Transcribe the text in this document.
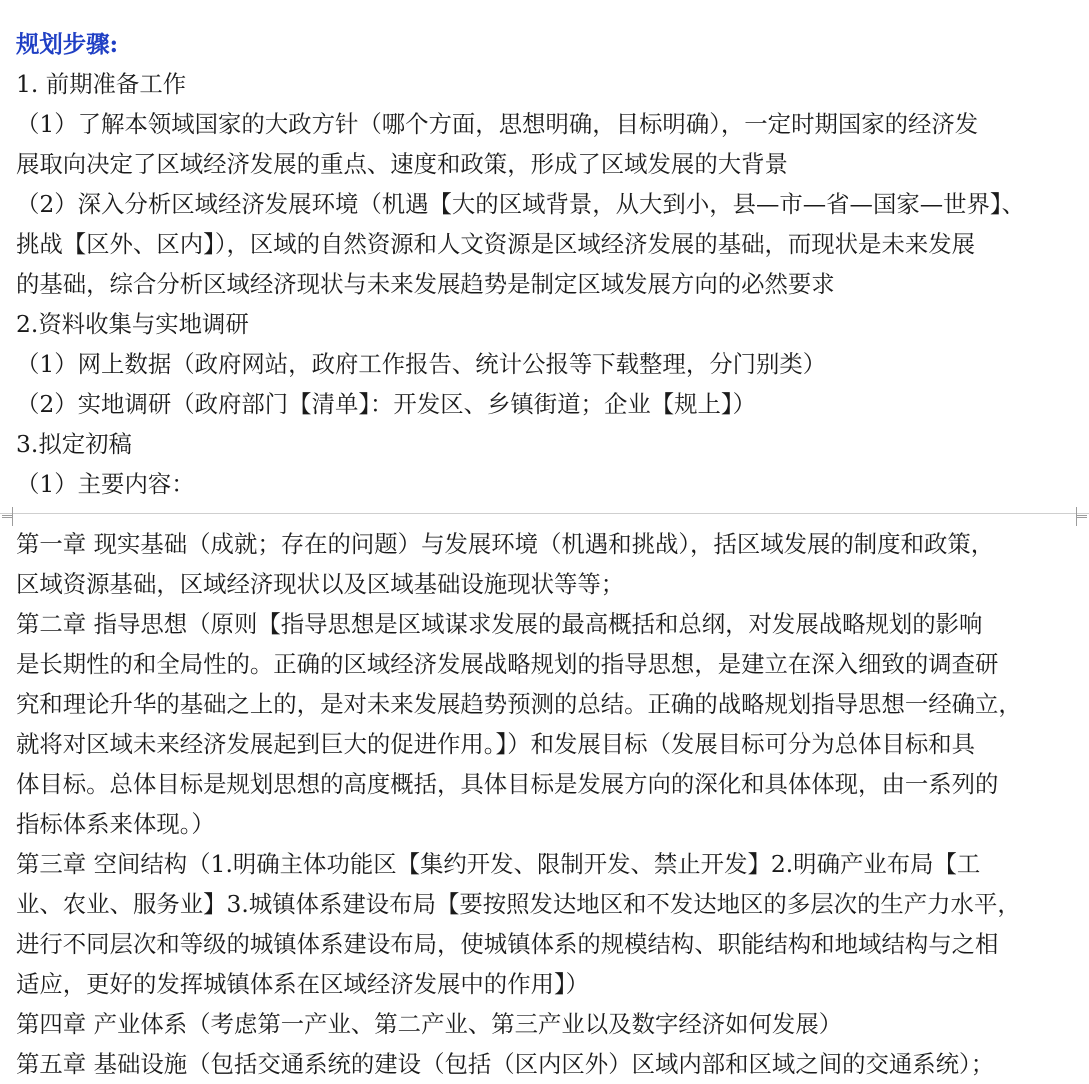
规划步骤:
1. 前期准备工作
（1）了解本领域国家的大政方针（哪个方面，思想明确，目标明确），一定时期国家的经济发
展取向决定了区域经济发展的重点、速度和政策，形成了区域发展的大背景
（2）深入分析区域经济发展环境（机遇【大的区域背景，从大到小，县—市—省—国家—世界】、
挑战【区外、区内】），区域的自然资源和人文资源是区域经济发展的基础，而现状是未来发展
的基础，综合分析区域经济现状与未来发展趋势是制定区域发展方向的必然要求
2.资料收集与实地调研
（1）网上数据（政府网站，政府工作报告、统计公报等下载整理，分门别类）
（2）实地调研（政府部门【清单】：开发区、乡镇街道；企业【规上】）
3.拟定初稿
（1）主要内容：
第一章 现实基础（成就；存在的问题）与发展环境（机遇和挑战），括区域发展的制度和政策，
区域资源基础，区域经济现状以及区域基础设施现状等等；
第二章 指导思想（原则【指导思想是区域谋求发展的最高概括和总纲，对发展战略规划的影响
是长期性的和全局性的。正确的区域经济发展战略规划的指导思想，是建立在深入细致的调查研
究和理论升华的基础之上的，是对未来发展趋势预测的总结。正确的战略规划指导思想一经确立，
就将对区域未来经济发展起到巨大的促进作用。】）和发展目标（发展目标可分为总体目标和具
体目标。总体目标是规划思想的高度概括，具体目标是发展方向的深化和具体体现，由一系列的
指标体系来体现。）
第三章 空间结构（1.明确主体功能区【集约开发、限制开发、禁止开发】2.明确产业布局【工
业、农业、服务业】3.城镇体系建设布局【要按照发达地区和不发达地区的多层次的生产力水平，
进行不同层次和等级的城镇体系建设布局，使城镇体系的规模结构、职能结构和地域结构与之相
适应，更好的发挥城镇体系在区域经济发展中的作用】）
第四章 产业体系（考虑第一产业、第二产业、第三产业以及数字经济如何发展）
第五章 基础设施（包括交通系统的建设（包括（区内区外）区域内部和区域之间的交通系统）；
